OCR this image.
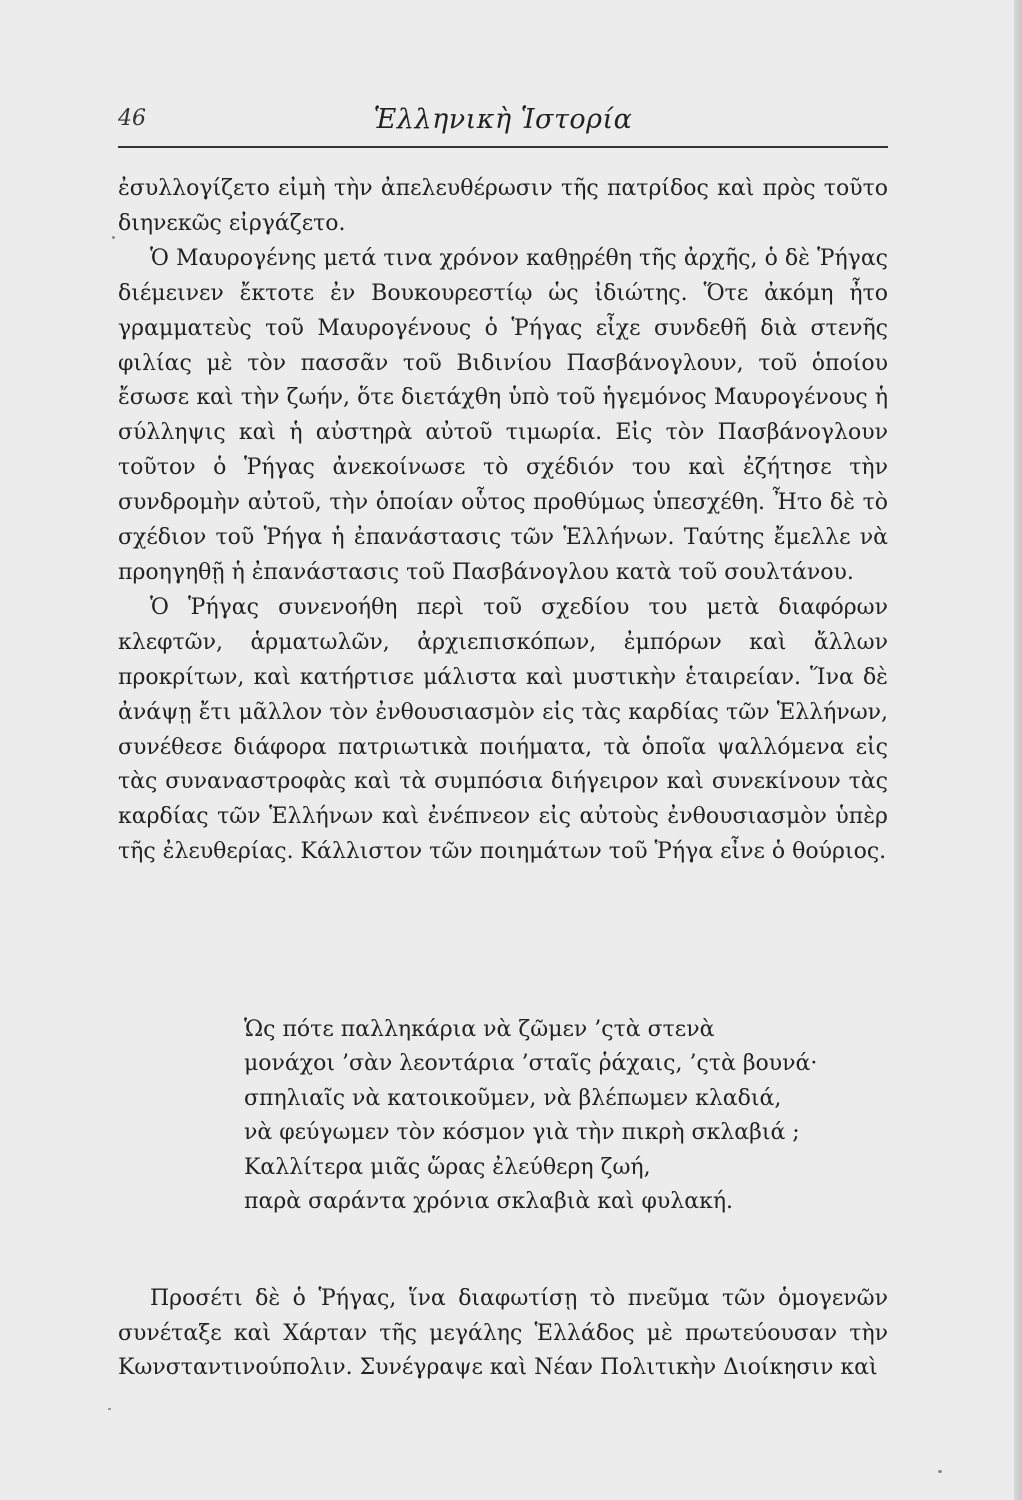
46	Ἑλληνικὴ Ἱστορία

ἐσυλλογίζετο εἰμὴ τὴν ἀπελευθέρωσιν τῆς πατρίδος καὶ πρὸς τοῦτο διηνεκῶς εἰργάζετο.

Ὁ Μαυρογένης μετά τινα χρόνον καθῃρέθη τῆς ἀρχῆς, ὁ δὲ Ῥήγας διέμεινεν ἔκτοτε ἐν Βουκουρεστίῳ ὡς ἰδιώτης. Ὅτε ἀκόμη ἦτο γραμματεὺς τοῦ Μαυρογένους ὁ Ῥήγας εἶχε συνδεθῆ διὰ στενῆς φιλίας μὲ τὸν πασσᾶν τοῦ Βιδινίου Πασβάνογλουν, τοῦ ὁποίου ἔσωσε καὶ τὴν ζωήν, ὅτε διετάχθη ὑπὸ τοῦ ἡγεμόνος Μαυρογένους ἡ σύλληψις καὶ ἡ αὐστηρὰ αὐτοῦ τιμωρία. Εἰς τὸν Πασβάνογλουν τοῦτον ὁ Ῥήγας ἀνεκοίνωσε τὸ σχέδιόν του καὶ ἐζήτησε τὴν συνδρομὴν αὐτοῦ, τὴν ὁποίαν οὗτος προθύμως ὑπεσχέθη. Ἦτο δὲ τὸ σχέδιον τοῦ Ῥήγα ἡ ἐπανάστασις τῶν Ἑλλήνων. Ταύτης ἔμελλε νὰ προηγηθῇ ἡ ἐπανάστασις τοῦ Πασβάνογλου κατὰ τοῦ σουλτάνου.

Ὁ Ῥήγας συνενοήθη περὶ τοῦ σχεδίου του μετὰ διαφόρων κλεφτῶν, ἁρματωλῶν, ἀρχιεπισκόπων, ἐμπόρων καὶ ἄλλων προκρίτων, καὶ κατήρτισε μάλιστα καὶ μυστικὴν ἑταιρείαν. Ἵνα δὲ ἀνάψῃ ἔτι μᾶλλον τὸν ἐνθουσιασμὸν εἰς τὰς καρδίας τῶν Ἑλλήνων, συνέθεσε διάφορα πατριωτικὰ ποιήματα, τὰ ὁποῖα ψαλλόμενα εἰς τὰς συναναστροφὰς καὶ τὰ συμπόσια διήγειρον καὶ συνεκίνουν τὰς καρδίας τῶν Ἑλλήνων καὶ ἐνέπνεον εἰς αὐτοὺς ἐνθουσιασμὸν ὑπὲρ τῆς ἐλευθερίας. Κάλλιστον τῶν ποιημάτων τοῦ Ῥήγα εἶνε ὁ θούριος.

Ὡς πότε παλληκάρια νὰ ζῶμεν ’ςτὰ στενὰ
μονάχοι ’σὰν λεοντάρια ’σταῖς ῥάχαις, ’ςτὰ βουνά·
σπηλιαῖς νὰ κατοικοῦμεν, νὰ βλέπωμεν κλαδιά,
νὰ φεύγωμεν τὸν κόσμον γιὰ τὴν πικρὴ σκλαβιά ;
Καλλίτερα μιᾶς ὥρας ἐλεύθερη ζωή,
παρὰ σαράντα χρόνια σκλαβιὰ καὶ φυλακή.

Προσέτι δὲ ὁ Ῥήγας, ἵνα διαφωτίσῃ τὸ πνεῦμα τῶν ὁμογενῶν συνέταξε καὶ Χάρταν τῆς μεγάλης Ἑλλάδος μὲ πρωτεύουσαν τὴν Κωνσταντινούπολιν. Συνέγραψε καὶ Νέαν Πολιτικὴν Διοίκησιν καὶ
